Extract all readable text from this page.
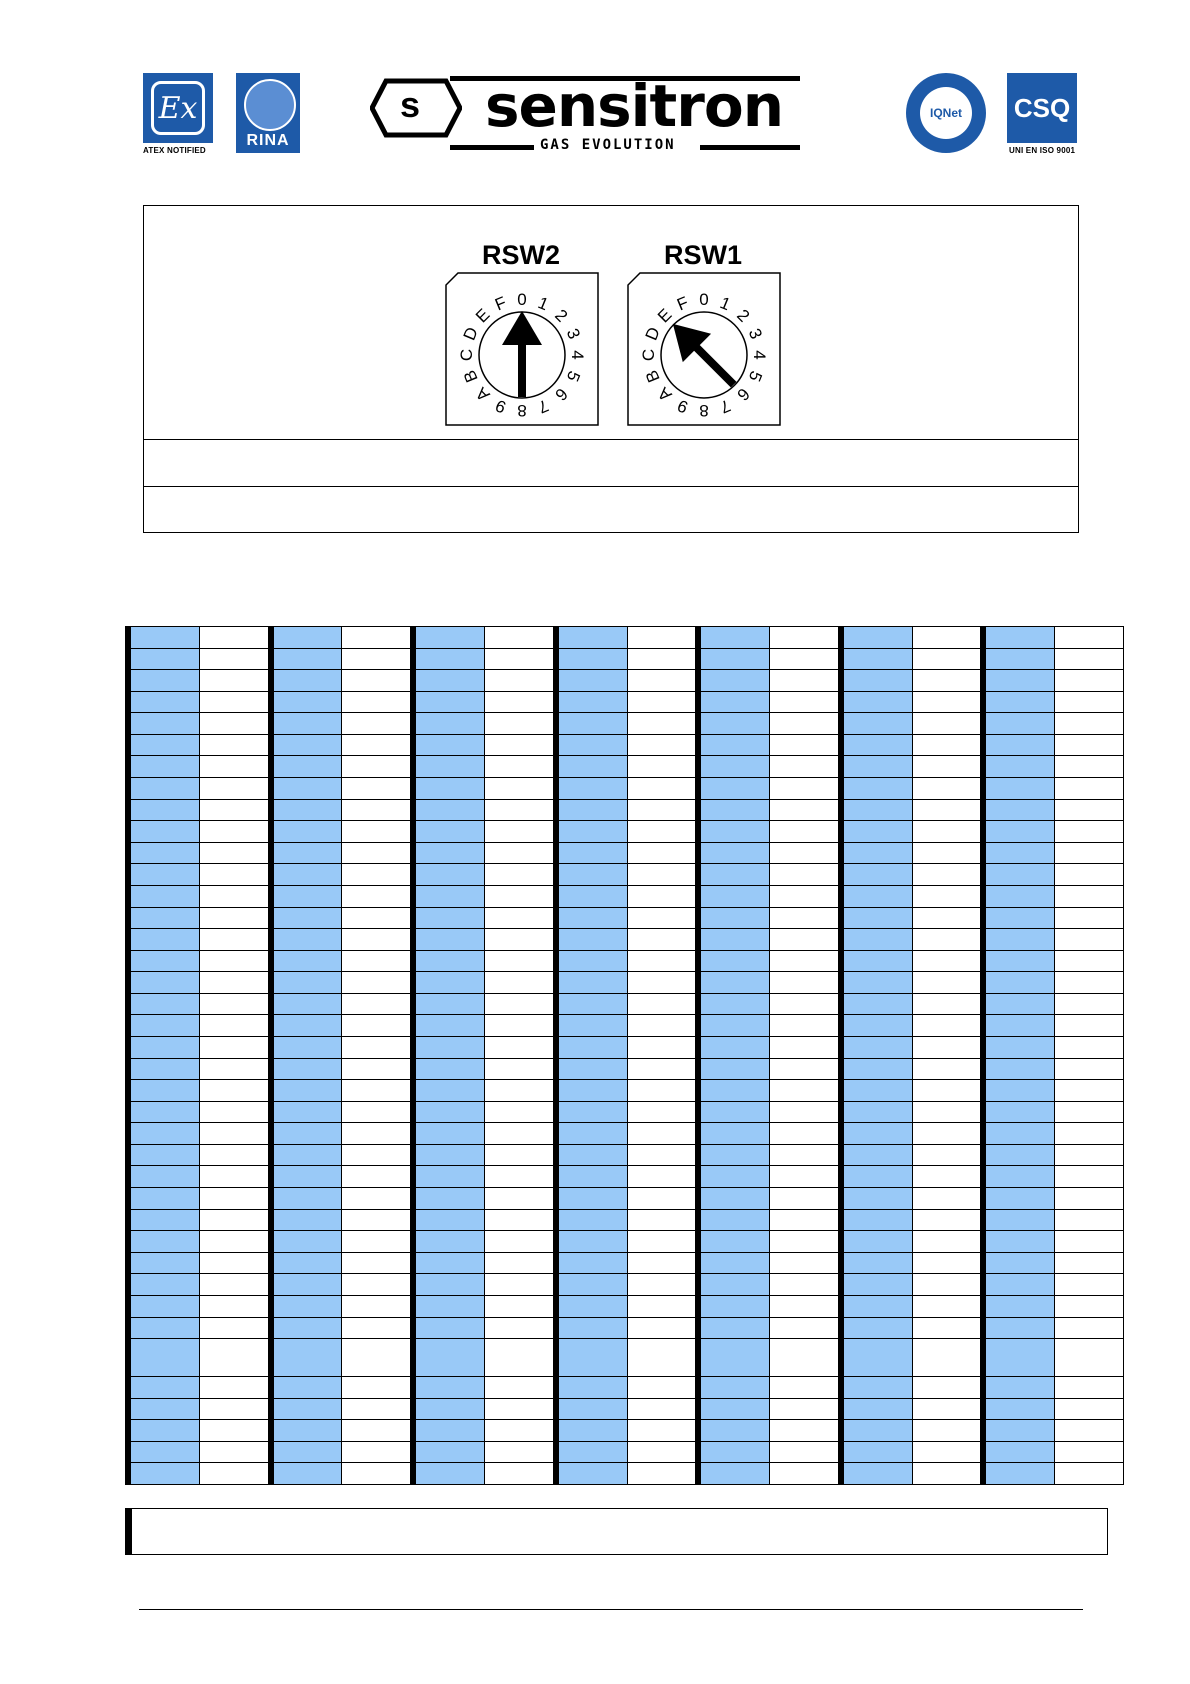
Ex
ATEX NOTIFIED
RINA
s sensitron
GAS EVOLUTION
IQNet	CSQ
UNI EN ISO 9001
RSW2	RSW1
0 1
2
3
4
5
6
7
8
9
A
B
C
D
E
F	0 1
2
3
4
5
6
7
8
9
A
B
C
D
E
F
